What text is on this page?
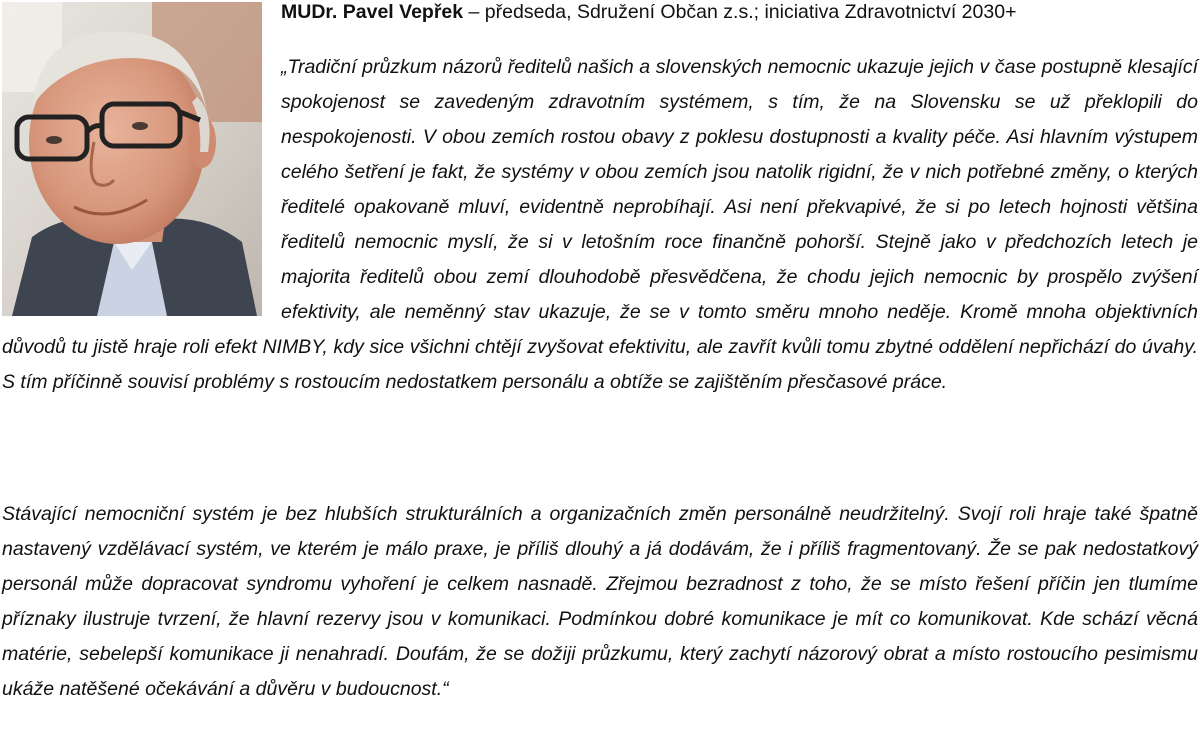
MUDr. Pavel Vepřek – předseda, Sdružení Občan z.s.; iniciativa Zdravotnictví 2030+

„Tradiční průzkum názorů ředitelů našich a slovenských nemocnic ukazuje jejich v čase postupně klesající spokojenost se zavedeným zdravotním systémem, s tím, že na Slovensku se už překlopili do nespokojenosti. V obou zemích rostou obavy z poklesu dostupnosti a kvality péče. Asi hlavním výstupem celého šetření je fakt, že systémy v obou zemích jsou natolik rigidní, že v nich potřebné změny, o kterých ředitelé opakovaně mluví, evidentně neprobíhají. Asi není překvapivé, že si po letech hojnosti většina ředitelů nemocnic myslí, že si v letošním roce finančně pohorší. Stejně jako v předchozích letech je majorita ředitelů obou zemí dlouhodobě přesvědčena, že chodu jejich nemocnic by prospělo zvýšení efektivity, ale neměnný stav ukazuje, že se v tomto směru mnoho neděje. Kromě mnoha objektivních důvodů tu jistě hraje roli efekt NIMBY, kdy sice všichni chtějí zvyšovat efektivitu, ale zavřít kvůli tomu zbytné oddělení nepřichází do úvahy. S tím příčinně souvisí problémy s rostoucím nedostatkem personálu a obtíže se zajištěním přesčasové práce.

Stávající nemocniční systém je bez hlubších strukturálních a organizačních změn personálně neudržitelný. Svojí roli hraje také špatně nastavený vzdělávací systém, ve kterém je málo praxe, je příliš dlouhý a já dodávám, že i příliš fragmentovaný. Že se pak nedostatkový personál může dopracovat syndromu vyhoření je celkem nasnadě. Zřejmou bezradnost z toho, že se místo řešení příčin jen tlumíme příznaky ilustruje tvrzení, že hlavní rezervy jsou v komunikaci. Podmínkou dobré komunikace je mít co komunikovat. Kde schází věcná matérie, sebelepší komunikace ji nenahradí. Doufám, že se dožiji průzkumu, který zachytí názorový obrat a místo rostoucího pesimismu ukáže natěšené očekávání a důvěru v budoucnost.“
